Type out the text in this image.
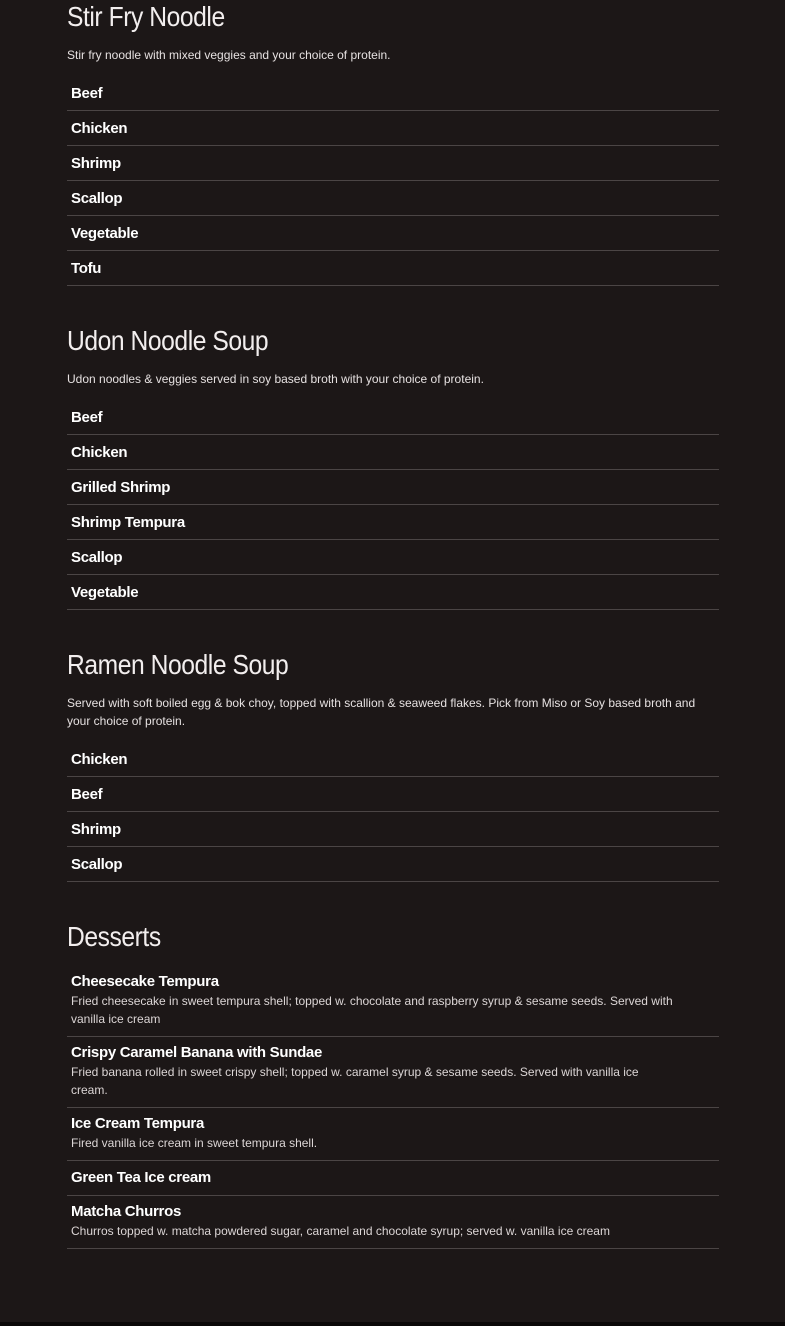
Stir Fry Noodle

Stir fry noodle with mixed veggies and your choice of protein.

Beef
Chicken
Shrimp
Scallop
Vegetable
Tofu
Udon Noodle Soup

Udon noodles & veggies served in soy based broth with your choice of protein.

Beef
Chicken
Grilled Shrimp
Shrimp Tempura
Scallop
Vegetable
Ramen Noodle Soup

Served with soft boiled egg & bok choy, topped with scallion & seaweed flakes. Pick from Miso or Soy based broth and your choice of protein.

Chicken
Beef
Shrimp
Scallop
Desserts
Cheesecake Tempura
Fried cheesecake in sweet tempura shell; topped w. chocolate and raspberry syrup & sesame seeds. Served with vanilla ice cream
Crispy Caramel Banana with Sundae
Fried banana rolled in sweet crispy shell; topped w. caramel syrup & sesame seeds. Served with vanilla ice cream.
Ice Cream Tempura
Fired vanilla ice cream in sweet tempura shell.
Green Tea Ice cream
Matcha Churros
Churros topped w. matcha powdered sugar, caramel and chocolate syrup; served w. vanilla ice cream
